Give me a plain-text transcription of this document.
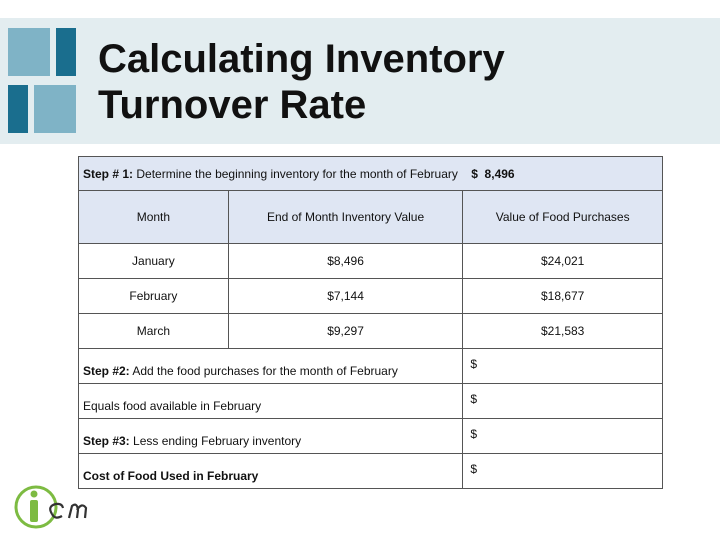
Calculating Inventory
Turnover Rate
Step # 1: Determine the beginning inventory for the month of February $  8,496		
Month	End of Month Inventory Value	Value of Food Purchases
January	$8,496	$24,021
February	$7,144	$18,677
March	$9,297	$21,583
Step #2: Add the food purchases for the month of February		$
Equals food available in February		$
Step #3: Less ending February inventory		$
Cost of Food Used in February		$
